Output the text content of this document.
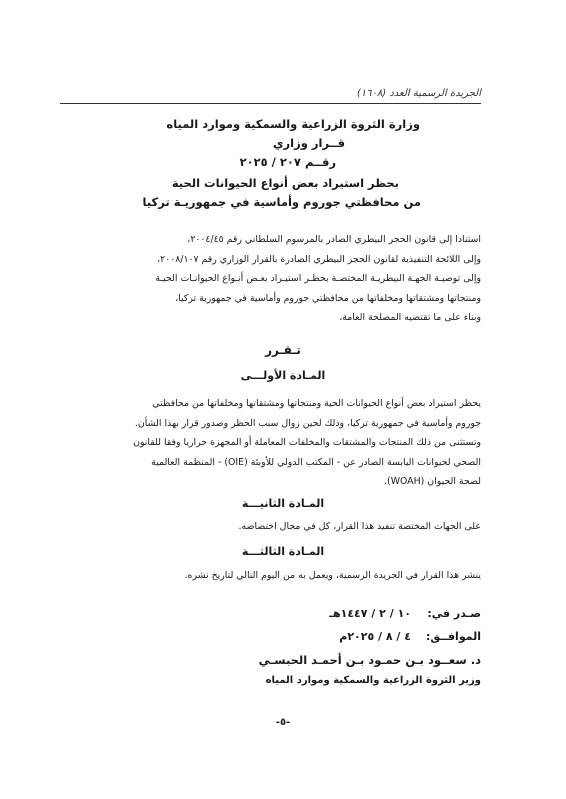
الجريدة الرسمية العدد (١٦٠٨)
وزارة الثروة الزراعية والسمكية وموارد المياه
قــرار وزاري
رقــم ٢٠٧ / ٢٠٢٥
بحظر استيراد بعض أنواع الحيوانات الحية
من محافظتي جوروم وأماسية في جمهوريـة تركيا
استنادا إلى قانون الحجر البيطري الصادر بالمرسوم السلطاني رقم ٢٠٠٤/٤٥،
وإلى اللائحة التنفيذية لقانون الحجر البيطري الصادرة بالقرار الوزاري رقم ٢٠٠٨/١٠٧،
وإلى توصيـة الجهـة البيطريـة المختصـة بحظـر استيـراد بعـض أنـواع الحيوانـات الحيـة
ومنتجاتها ومشتقاتها ومخلفاتها من محافظتي جوروم وأماسية في جمهورية تركيا،
وبناء على ما تقتضيه المصلحة العامة،
تـقـرر
المـادة الأولـــى
يحظر استيراد بعض أنواع الحيوانات الحية ومنتجاتها ومشتقاتها ومخلفاتها من محافظتي
جوروم وأماسية في جمهورية تركيا، وذلك لحين زوال سبب الحظر وصدور قرار بهذا الشأن.
وتستثنى من ذلك المنتجات والمشتقات والمخلفات المعاملة أو المجهزة حراريا وفقا للقانون
الصحي لحيوانات اليابسة الصادر عن - المكتب الدولي للأوبئة (OIE) - المنظمة العالمية
لصحة الحيوان (WOAH).
المـادة الثانيـــة
على الجهات المختصة تنفيذ هذا القرار، كل في مجال اختصاصه.
المـادة الثالثـــة
ينشر هذا القرار في الجريدة الرسمية، ويعمل به من اليوم التالي لتاريخ نشره.
صـدر في:
١٠ / ٢ / ١٤٤٧هـ
الموافــق:
٤ / ٨ / ٢٠٢٥م
د. سعــود بـن حمـود بـن أحمـد الحبسـي
وزير الثروة الزراعية والسمكية وموارد المياه
-٥-
